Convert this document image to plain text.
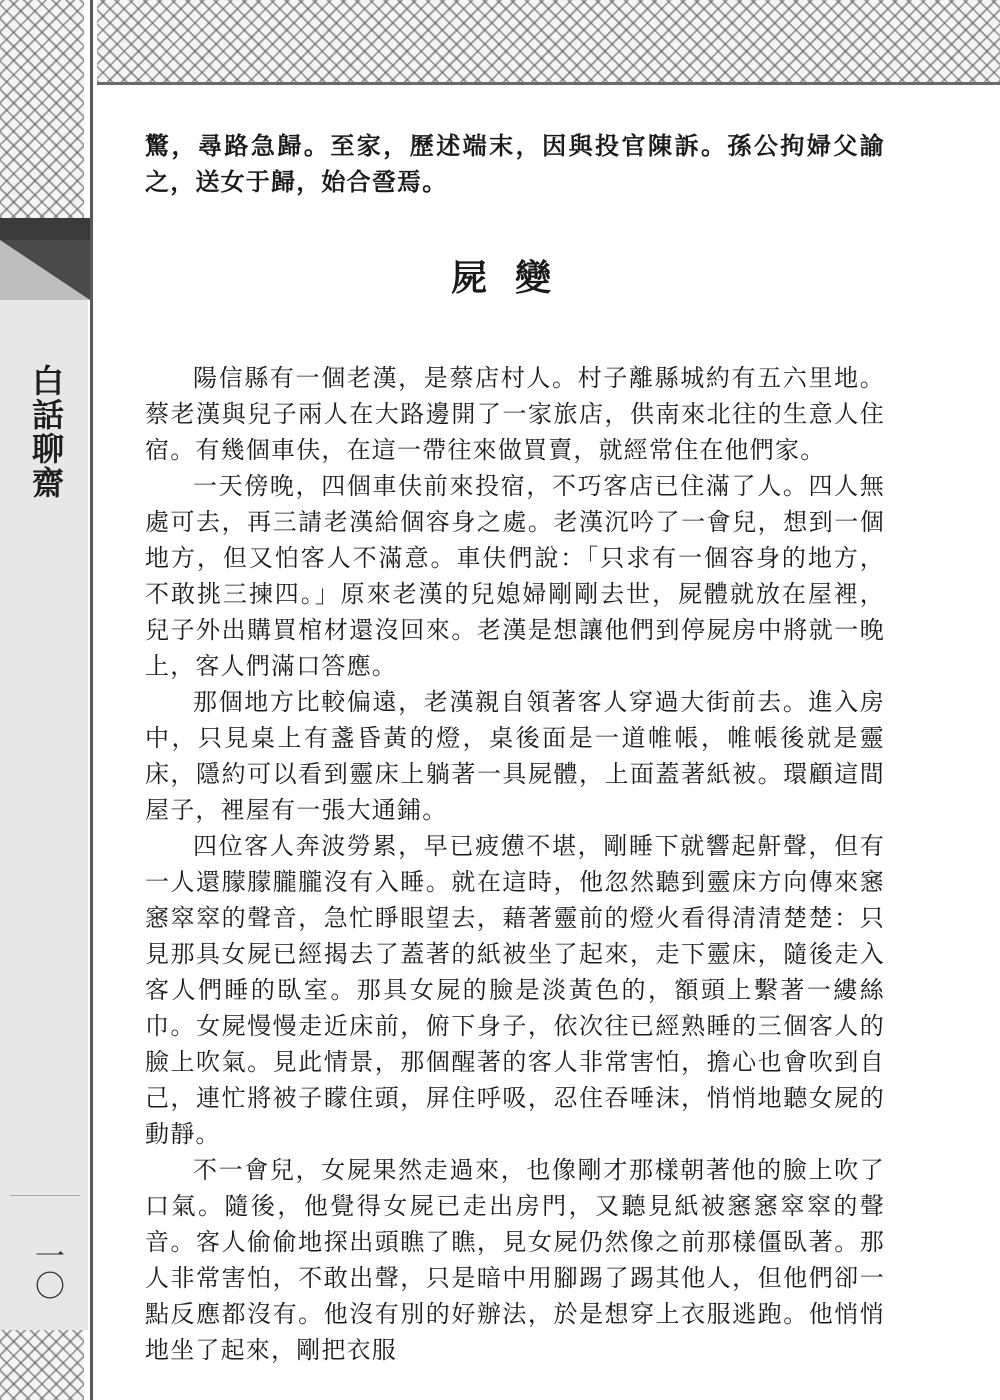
白話聊齋
一〇

驚，尋路急歸。至家，歷述端末，因與投官陳訴。孫公拘婦父諭之，送女于歸，始合巹焉。

屍變

陽信縣有一個老漢，是蔡店村人。村子離縣城約有五六里地。蔡老漢與兒子兩人在大路邊開了一家旅店，供南來北往的生意人住宿。有幾個車伕，在這一帶往來做買賣，就經常住在他們家。

一天傍晚，四個車伕前來投宿，不巧客店已住滿了人。四人無處可去，再三請老漢給個容身之處。老漢沉吟了一會兒，想到一個地方，但又怕客人不滿意。車伕們說：「只求有一個容身的地方，不敢挑三揀四。」原來老漢的兒媳婦剛剛去世，屍體就放在屋裡，兒子外出購買棺材還沒回來。老漢是想讓他們到停屍房中將就一晚上，客人們滿口答應。

那個地方比較偏遠，老漢親自領著客人穿過大街前去。進入房中，只見桌上有盞昏黃的燈，桌後面是一道帷帳，帷帳後就是靈床，隱約可以看到靈床上躺著一具屍體，上面蓋著紙被。環顧這間屋子，裡屋有一張大通鋪。

四位客人奔波勞累，早已疲憊不堪，剛睡下就響起鼾聲，但有一人還朦朦朧朧沒有入睡。就在這時，他忽然聽到靈床方向傳來窸窸窣窣的聲音，急忙睜眼望去，藉著靈前的燈火看得清清楚楚：只見那具女屍已經揭去了蓋著的紙被坐了起來，走下靈床，隨後走入客人們睡的臥室。那具女屍的臉是淡黃色的，額頭上繫著一縷絲巾。女屍慢慢走近床前，俯下身子，依次往已經熟睡的三個客人的臉上吹氣。見此情景，那個醒著的客人非常害怕，擔心也會吹到自己，連忙將被子矇住頭，屏住呼吸，忍住吞唾沫，悄悄地聽女屍的動靜。

不一會兒，女屍果然走過來，也像剛才那樣朝著他的臉上吹了口氣。隨後，他覺得女屍已走出房門，又聽見紙被窸窸窣窣的聲音。客人偷偷地探出頭瞧了瞧，見女屍仍然像之前那樣僵臥著。那人非常害怕，不敢出聲，只是暗中用腳踢了踢其他人，但他們卻一點反應都沒有。他沒有別的好辦法，於是想穿上衣服逃跑。他悄悄地坐了起來，剛把衣服
